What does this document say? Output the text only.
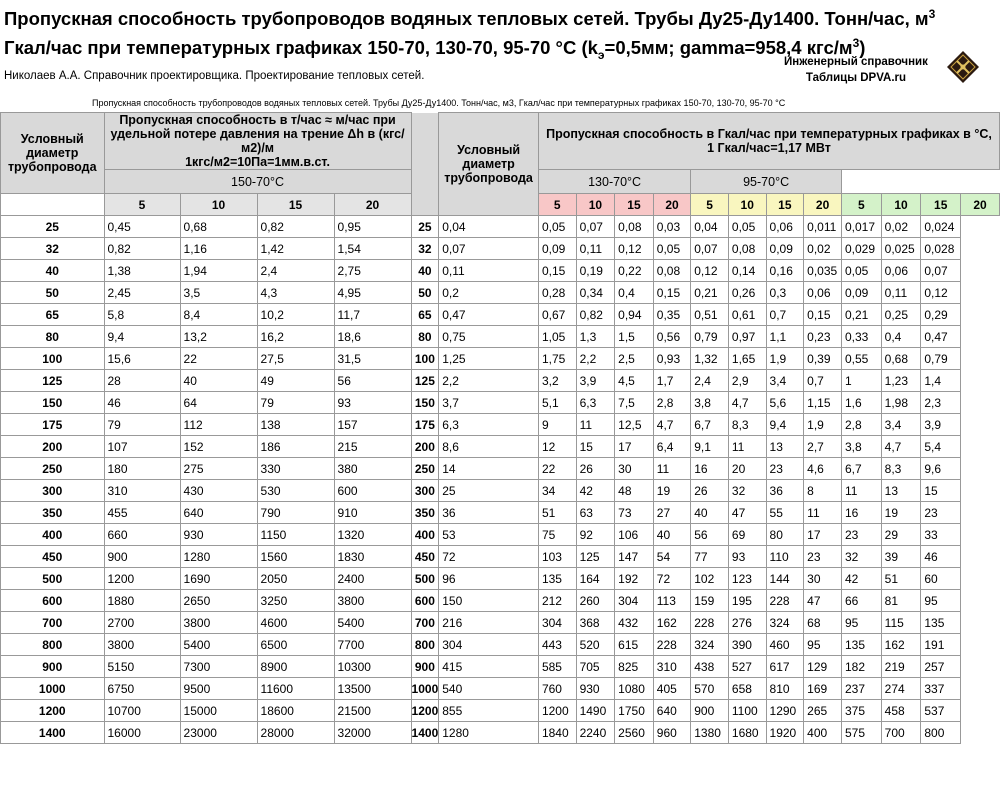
Пропускная способность трубопроводов водяных тепловых сетей. Трубы Ду25-Ду1400. Тонн/час, $м^3$
Гкал/час при температурных графиках 150-70, 130-70, 95-70 °C ($k_э=0,5мм$; gamma=958,4 кгс/$м^3$)
Николаев А.А. Справочник проектировщика. Проектирование тепловых сетей.
Инженерный справочник
Таблицы DPVA.ru
Пропускная способность трубопроводов водяных тепловых сетей. Трубы Ду25-Ду1400. Тонн/час, м3, Гкал/час при температурных графиках 150-70, 130-70, 95-70 °C
Условный диаметр трубопровода	Пропускная способность в т/час ≈ м/час при удельной потере давления на трение Δh в (кгс/м2)/м
1кгс/м2=10Па=1мм.в.ст.					Условный диаметр трубопровода	Пропускная способность в Гкал/час при температурных графиках в °C,
1 Гкал/час=1,17 МВт											
	150-70°C						130-70°C				95-70°C							
	5	10	15	20			5	10	15	20	5	10	15	20	5	10	15	20
25	0,45	0,68	0,82	0,95	25	0,04	0,05	0,07	0,08	0,03	0,04	0,05	0,06	0,011	0,017	0,02	0,024	
32	0,82	1,16	1,42	1,54	32	0,07	0,09	0,11	0,12	0,05	0,07	0,08	0,09	0,02	0,029	0,025	0,028	
40	1,38	1,94	2,4	2,75	40	0,11	0,15	0,19	0,22	0,08	0,12	0,14	0,16	0,035	0,05	0,06	0,07	
50	2,45	3,5	4,3	4,95	50	0,2	0,28	0,34	0,4	0,15	0,21	0,26	0,3	0,06	0,09	0,11	0,12	
65	5,8	8,4	10,2	11,7	65	0,47	0,67	0,82	0,94	0,35	0,51	0,61	0,7	0,15	0,21	0,25	0,29	
80	9,4	13,2	16,2	18,6	80	0,75	1,05	1,3	1,5	0,56	0,79	0,97	1,1	0,23	0,33	0,4	0,47	
100	15,6	22	27,5	31,5	100	1,25	1,75	2,2	2,5	0,93	1,32	1,65	1,9	0,39	0,55	0,68	0,79	
125	28	40	49	56	125	2,2	3,2	3,9	4,5	1,7	2,4	2,9	3,4	0,7	1	1,23	1,4	
150	46	64	79	93	150	3,7	5,1	6,3	7,5	2,8	3,8	4,7	5,6	1,15	1,6	1,98	2,3	
175	79	112	138	157	175	6,3	9	11	12,5	4,7	6,7	8,3	9,4	1,9	2,8	3,4	3,9	
200	107	152	186	215	200	8,6	12	15	17	6,4	9,1	11	13	2,7	3,8	4,7	5,4	
250	180	275	330	380	250	14	22	26	30	11	16	20	23	4,6	6,7	8,3	9,6	
300	310	430	530	600	300	25	34	42	48	19	26	32	36	8	11	13	15	
350	455	640	790	910	350	36	51	63	73	27	40	47	55	11	16	19	23	
400	660	930	1150	1320	400	53	75	92	106	40	56	69	80	17	23	29	33	
450	900	1280	1560	1830	450	72	103	125	147	54	77	93	110	23	32	39	46	
500	1200	1690	2050	2400	500	96	135	164	192	72	102	123	144	30	42	51	60	
600	1880	2650	3250	3800	600	150	212	260	304	113	159	195	228	47	66	81	95	
700	2700	3800	4600	5400	700	216	304	368	432	162	228	276	324	68	95	115	135	
800	3800	5400	6500	7700	800	304	443	520	615	228	324	390	460	95	135	162	191	
900	5150	7300	8900	10300	900	415	585	705	825	310	438	527	617	129	182	219	257	
1000	6750	9500	11600	13500	1000	540	760	930	1080	405	570	658	810	169	237	274	337	
1200	10700	15000	18600	21500	1200	855	1200	1490	1750	640	900	1100	1290	265	375	458	537	
1400	16000	23000	28000	32000	1400	1280	1840	2240	2560	960	1380	1680	1920	400	575	700	800	
